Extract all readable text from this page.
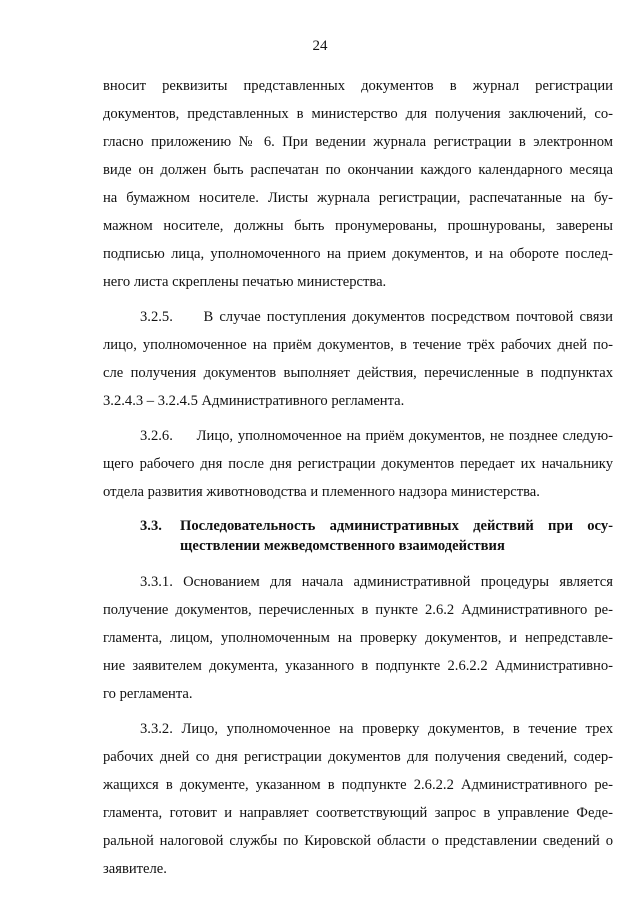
24
вносит реквизиты представленных документов в журнал регистрации
документов, представленных в министерство для получения заключений, со-
гласно приложению № 6. При ведении журнала регистрации в электронном
виде он должен быть распечатан по окончании каждого календарного месяца
на бумажном носителе. Листы журнала регистрации, распечатанные на бу-
мажном носителе, должны быть пронумерованы, прошнурованы, заверены
подписью лица, уполномоченного на прием документов, и на обороте послед-
него листа скреплены печатью министерства.
3.2.5.     В случае поступления документов посредством почтовой связи
лицо, уполномоченное на приём документов, в течение трёх рабочих дней по-
сле получения документов выполняет действия, перечисленные в подпунктах
3.2.4.3 – 3.2.4.5 Административного регламента.
3.2.6.     Лицо, уполномоченное на приём документов, не позднее следую-
щего рабочего дня после дня регистрации документов передает их начальнику
отдела развития животноводства и племенного надзора министерства.
3.3. Последовательность административных действий при осу-
ществлении межведомственного взаимодействия
3.3.1. Основанием для начала административной процедуры является
получение документов, перечисленных в пункте 2.6.2 Административного ре-
гламента, лицом, уполномоченным на проверку документов, и непредставле-
ние заявителем документа, указанного в подпункте 2.6.2.2 Административно-
го регламента.
3.3.2. Лицо, уполномоченное на проверку документов, в течение трех
рабочих дней со дня регистрации документов для получения сведений, содер-
жащихся в документе, указанном в подпункте 2.6.2.2 Административного ре-
гламента, готовит и направляет соответствующий запрос в управление Феде-
ральной налоговой службы по Кировской области о представлении сведений о
заявителе.
